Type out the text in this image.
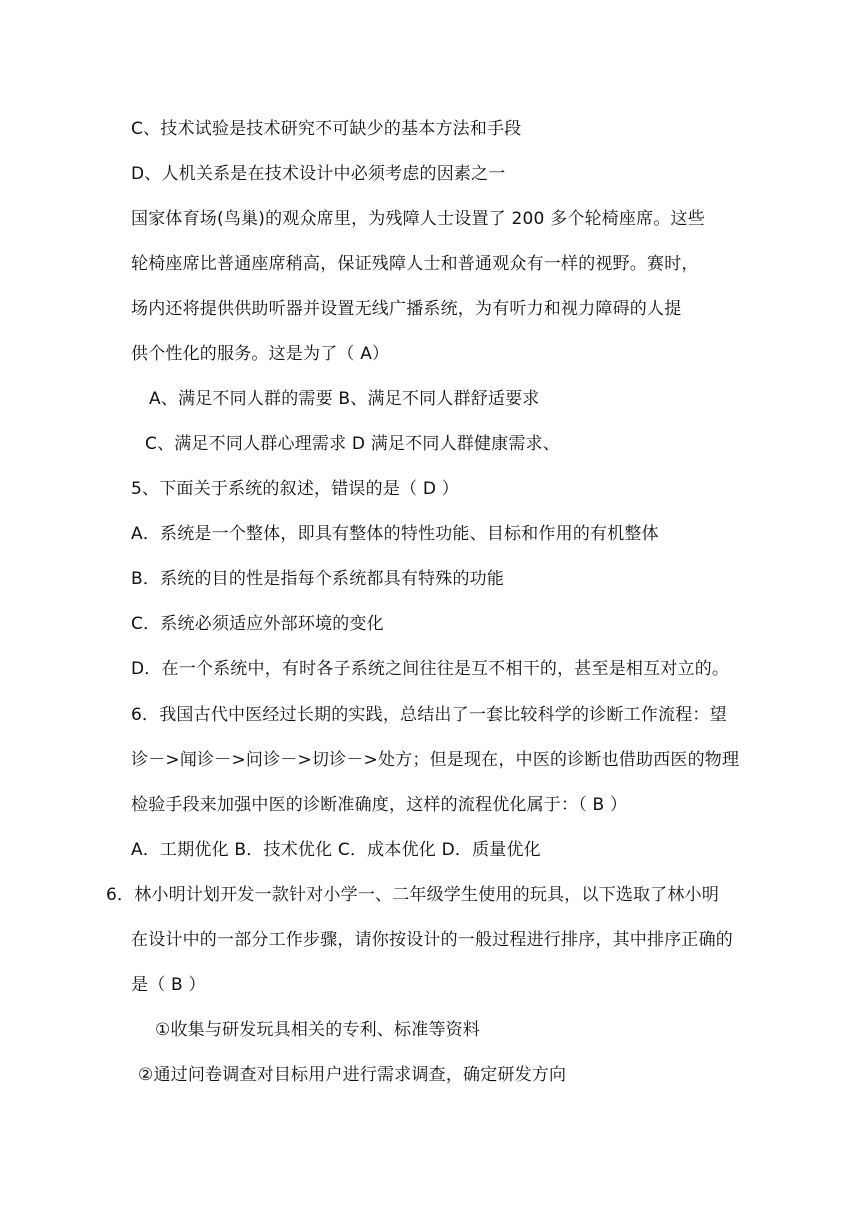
C、技术试验是技术研究不可缺少的基本方法和手段
D、人机关系是在技术设计中必须考虑的因素之一
国家体育场(鸟巢)的观众席里，为残障人士设置了 200 多个轮椅座席。这些
轮椅座席比普通座席稍高，保证残障人士和普通观众有一样的视野。赛时，
场内还将提供供助听器并设置无线广播系统，为有听力和视力障碍的人提
供个性化的服务。这是为了（ A）
A、满足不同人群的需要 B、满足不同人群舒适要求
C、满足不同人群心理需求 D 满足不同人群健康需求、
5、下面关于系统的叙述，错误的是（ D ）
A．系统是一个整体，即具有整体的特性功能、目标和作用的有机整体
B．系统的目的性是指每个系统都具有特殊的功能
C．系统必须适应外部环境的变化
D．在一个系统中，有时各子系统之间往往是互不相干的，甚至是相互对立的。
6．我国古代中医经过长期的实践，总结出了一套比较科学的诊断工作流程：望
诊－>闻诊－>问诊－>切诊－>处方；但是现在，中医的诊断也借助西医的物理
检验手段来加强中医的诊断准确度，这样的流程优化属于：（ B ）
A．工期优化 B．技术优化 C．成本优化 D．质量优化
6．林小明计划开发一款针对小学一、二年级学生使用的玩具，以下选取了林小明
在设计中的一部分工作步骤，请你按设计的一般过程进行排序，其中排序正确的
是（ B ）
①收集与研发玩具相关的专利、标准等资料
②通过问卷调查对目标用户进行需求调查，确定研发方向
